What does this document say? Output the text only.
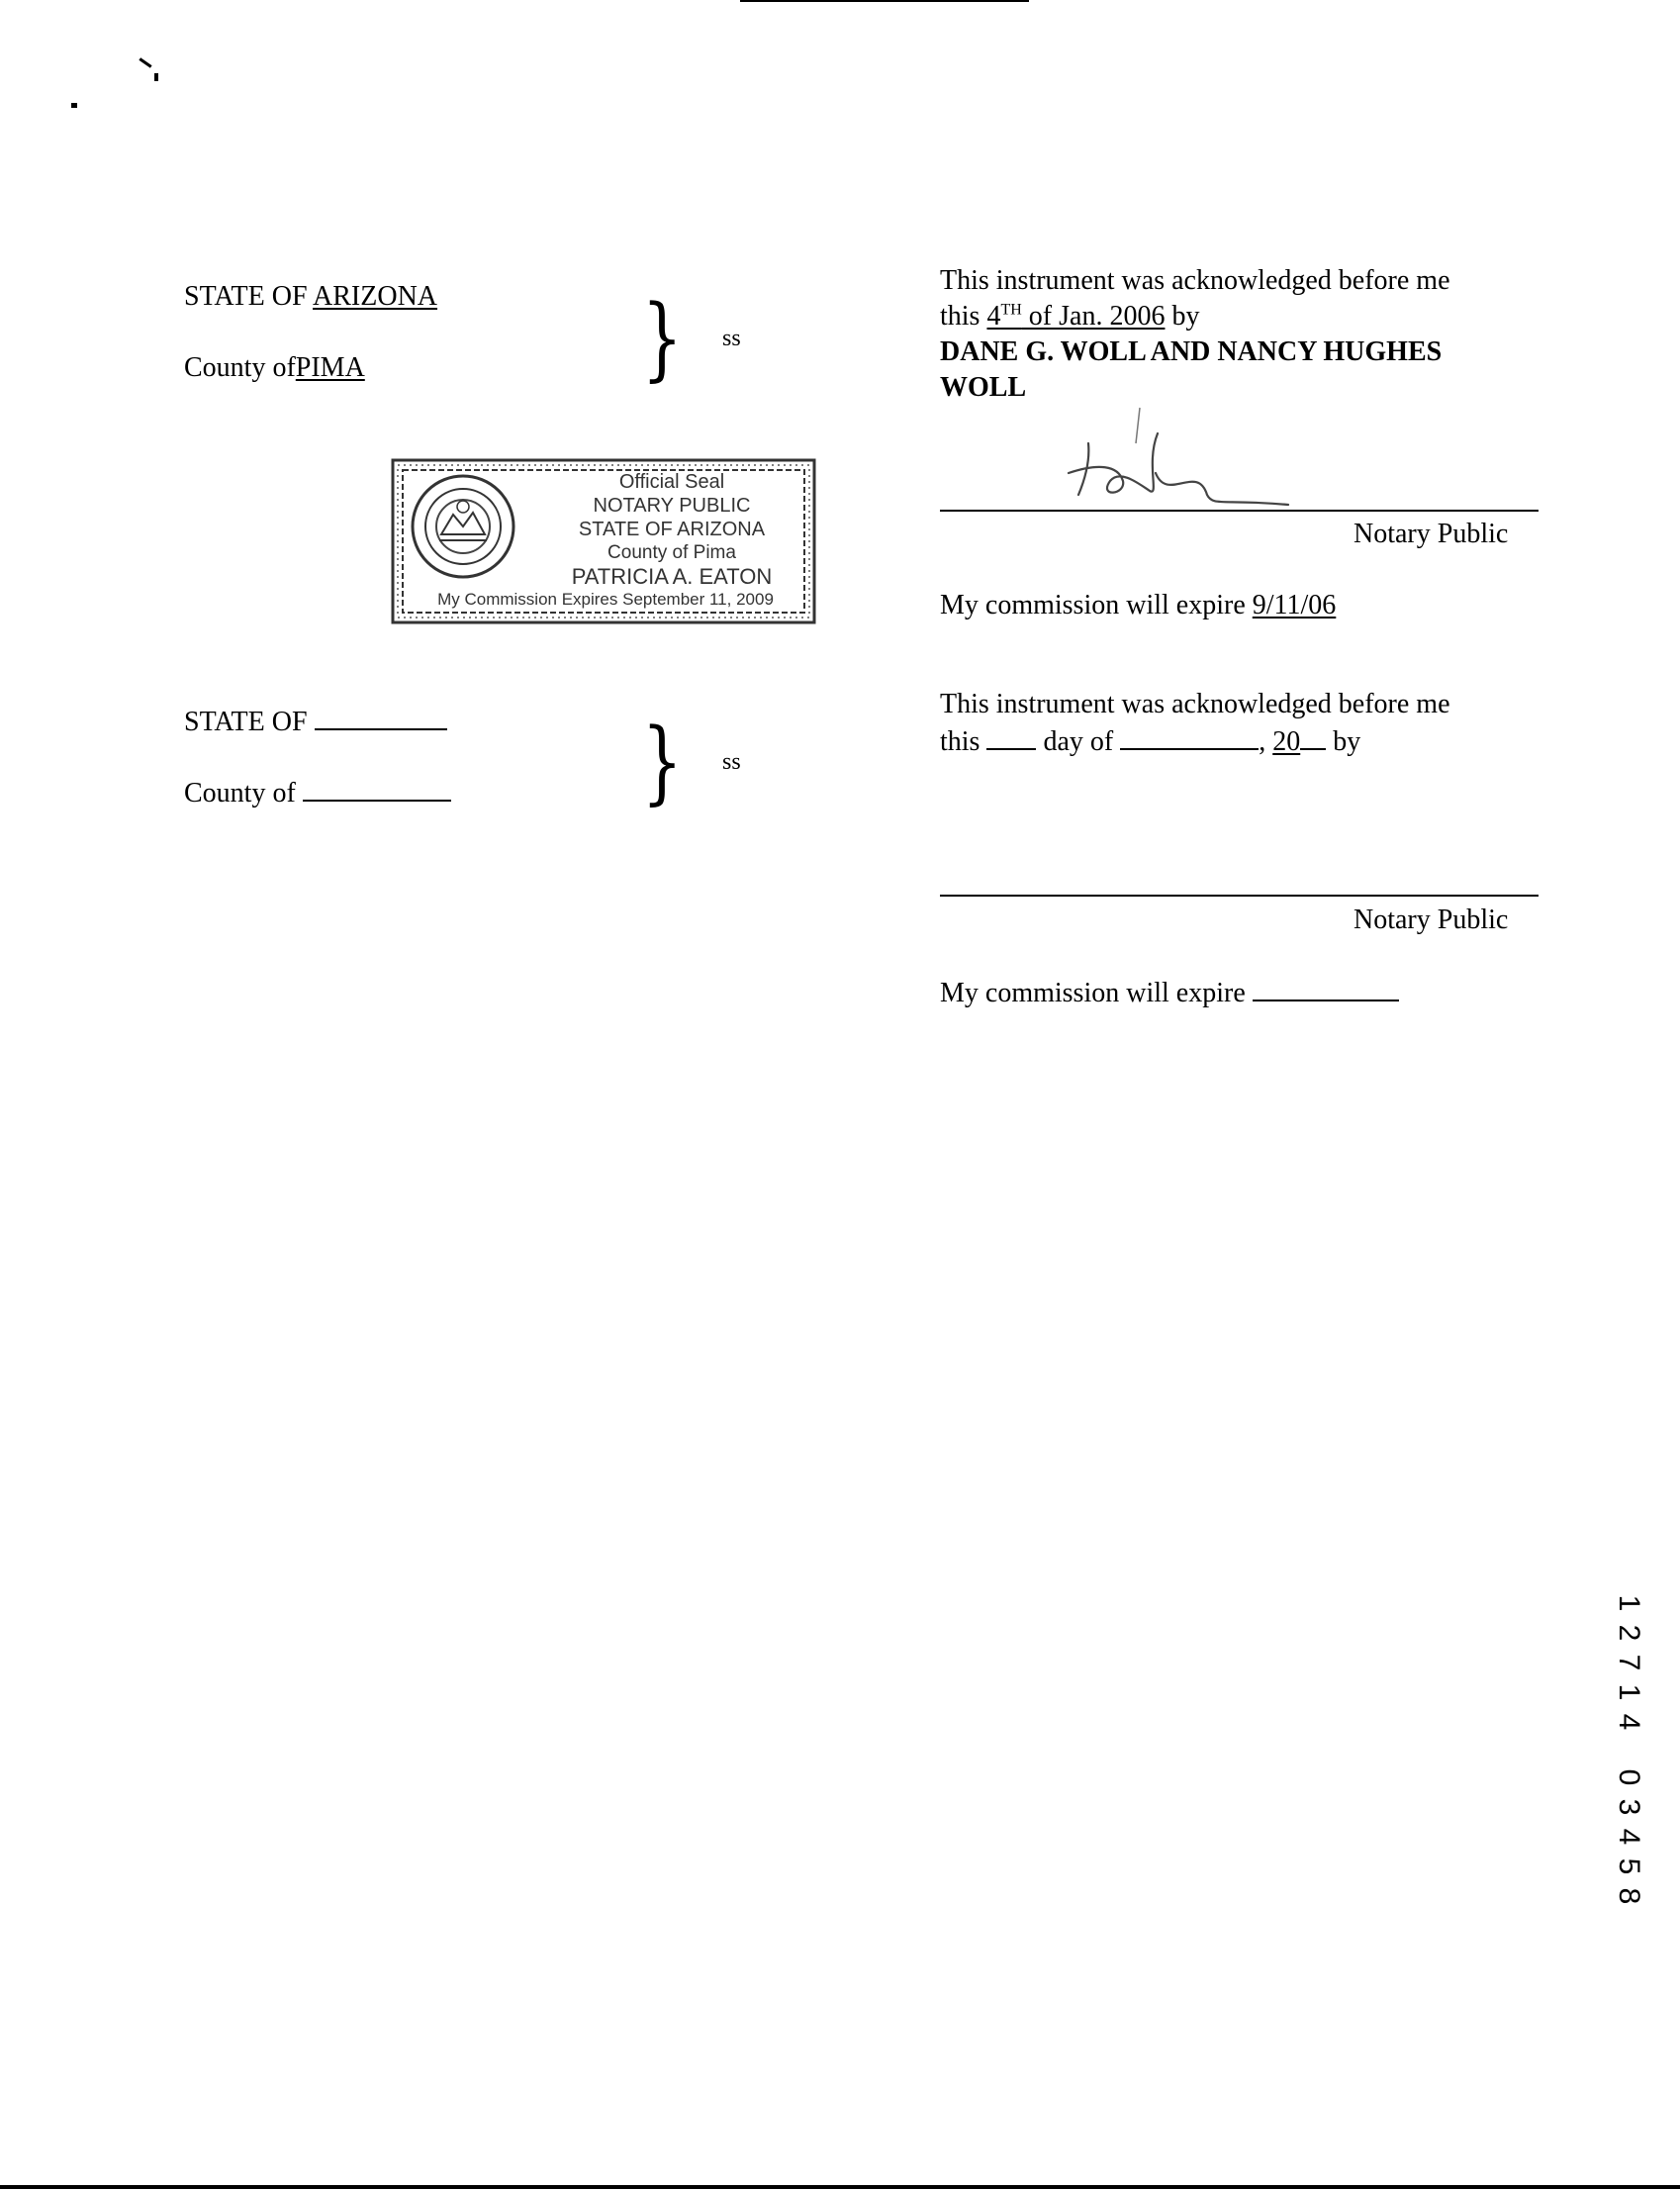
STATE OF ARIZONA
County ofPIMA	} ss
Official Seal
NOTARY PUBLIC
STATE OF ARIZONA
County of Pima
PATRICIA A. EATON
My Commission Expires September 11, 2009
This instrument was acknowledged before me
this 4TH of Jan. 2006 by
DANE G. WOLL AND NANCY HUGHES
WOLL
Notary Public
My commission will expire 9/11/06
STATE OF
County of	} ss
This instrument was acknowledged before me
this day of	, 20 by
Notary Public
My commission will expire
1
2
7
1
4
0
3
4
5
8
